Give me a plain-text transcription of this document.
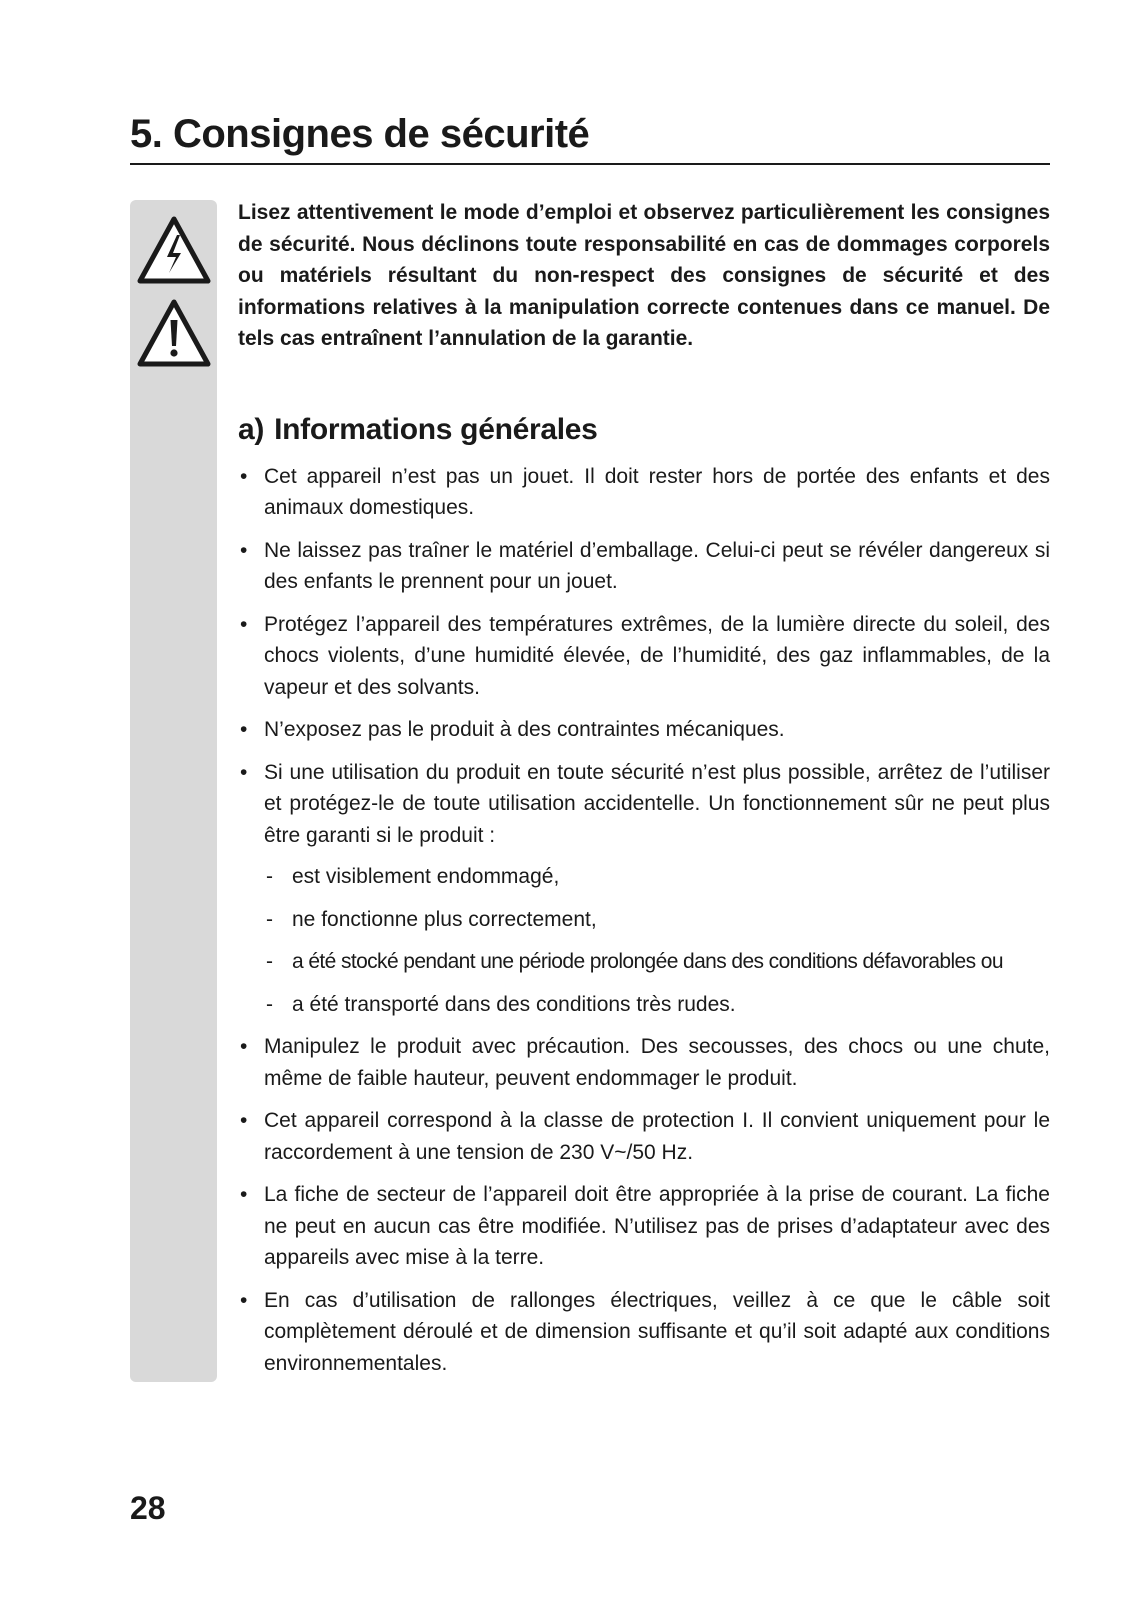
5. Consignes de sécurité

Lisez attentivement le mode d’emploi et observez particulièrement les consignes de sécurité. Nous déclinons toute responsabilité en cas de dommages corporels ou matériels résultant du non-respect des consignes de sécurité et des informations relatives à la manipulation correcte contenues dans ce manuel. De tels cas entraînent l’annulation de la garantie.

a) Informations générales
• Cet appareil n’est pas un jouet. Il doit rester hors de portée des enfants et des animaux domestiques.
• Ne laissez pas traîner le matériel d’emballage. Celui-ci peut se révéler dangereux si des enfants le prennent pour un jouet.
• Protégez l’appareil des températures extrêmes, de la lumière directe du soleil, des chocs violents, d’une humidité élevée, de l’humidité, des gaz inflammables, de la vapeur et des solvants.
• N’exposez pas le produit à des contraintes mécaniques.
• Si une utilisation du produit en toute sécurité n’est plus possible, arrêtez de l’utiliser et protégez-le de toute utilisation accidentelle. Un fonctionnement sûr ne peut plus être garanti si le produit :
- est visiblement endommagé,
- ne fonctionne plus correctement,
- a été stocké pendant une période prolongée dans des conditions défavorables ou
- a été transporté dans des conditions très rudes.
• Manipulez le produit avec précaution. Des secousses, des chocs ou une chute, même de faible hauteur, peuvent endommager le produit.
• Cet appareil correspond à la classe de protection I. Il convient uniquement pour le raccordement à une tension de 230 V~/50 Hz.
• La fiche de secteur de l’appareil doit être appropriée à la prise de courant. La fiche ne peut en aucun cas être modifiée. N’utilisez pas de prises d’adaptateur avec des appareils avec mise à la terre.
• En cas d’utilisation de rallonges électriques, veillez à ce que le câble soit complètement déroulé et de dimension suffisante et qu’il soit adapté aux conditions environnementales.
28
